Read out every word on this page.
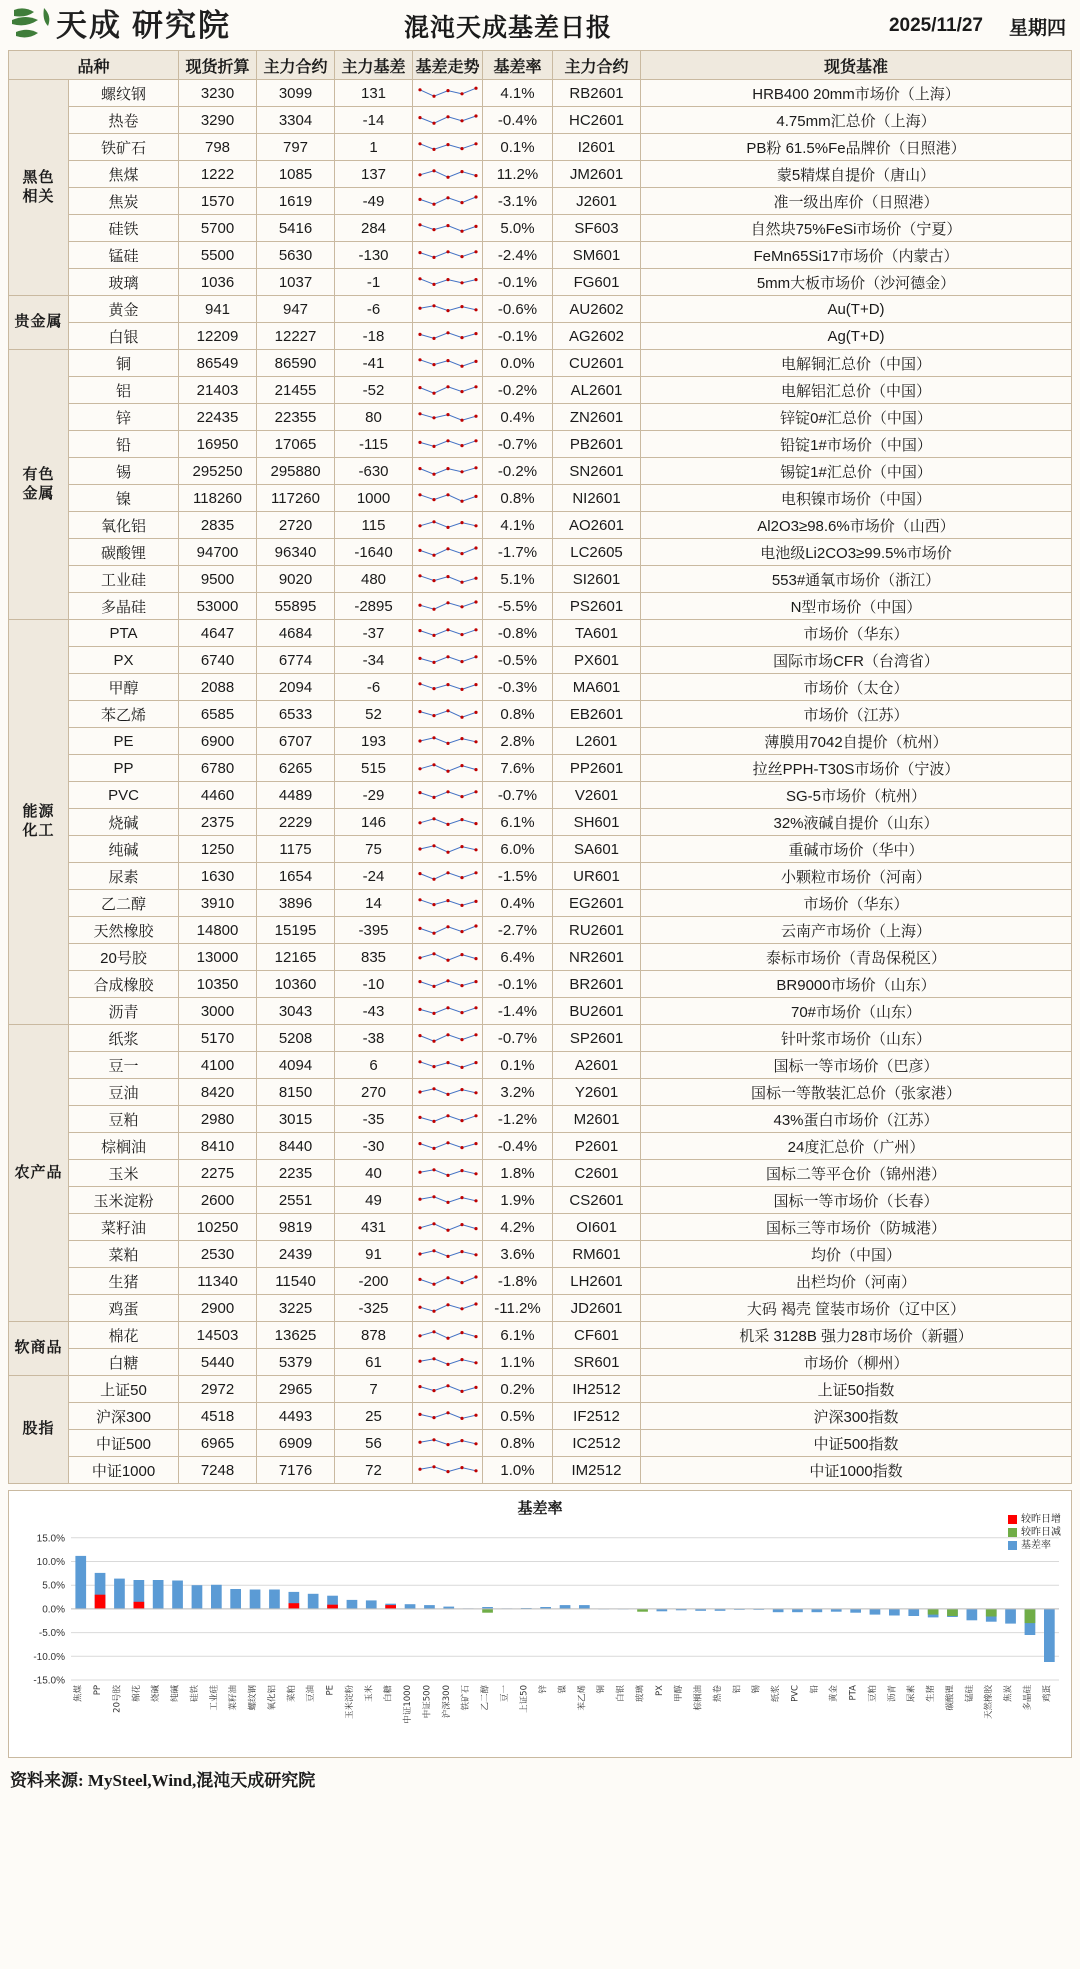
天成 研究院	混沌天成基差日报	2025/11/27 星期四
品种		现货折算	主力合约	主力基差	基差走势	基差率	主力合约	现货基准

黑色
相关	螺纹钢	3230	3099	131		4.1%	RB2601	HRB400 20mm市场价（上海）
	热卷	3290	3304	-14		-0.4%	HC2601	4.75mm汇总价（上海）
	铁矿石	798	797	1		0.1%	I2601	PB粉 61.5%Fe品牌价（日照港）
	焦煤	1222	1085	137		11.2%	JM2601	蒙5精煤自提价（唐山）
	焦炭	1570	1619	-49		-3.1%	J2601	准一级出库价（日照港）
	硅铁	5700	5416	284		5.0%	SF603	自然块75%FeSi市场价（宁夏）
	锰硅	5500	5630	-130		-2.4%	SM601	FeMn65Si17市场价（内蒙古）
	玻璃	1036	1037	-1		-0.1%	FG601	5mm大板市场价（沙河德金）

贵金属	黄金	941	947	-6		-0.6%	AU2602	Au(T+D)
	白银	12209	12227	-18		-0.1%	AG2602	Ag(T+D)

有色
金属	铜	86549	86590	-41		0.0%	CU2601	电解铜汇总价（中国）
	铝	21403	21455	-52		-0.2%	AL2601	电解铝汇总价（中国）
	锌	22435	22355	80		0.4%	ZN2601	锌锭0#汇总价（中国）
	铅	16950	17065	-115		-0.7%	PB2601	铅锭1#市场价（中国）
	锡	295250	295880	-630		-0.2%	SN2601	锡锭1#汇总价（中国）
	镍	118260	117260	1000		0.8%	NI2601	电积镍市场价（中国）
	氧化铝	2835	2720	115		4.1%	AO2601	Al2O3≥98.6%市场价（山西）
	碳酸锂	94700	96340	-1640		-1.7%	LC2605	电池级Li2CO3≥99.5%市场价
	工业硅	9500	9020	480		5.1%	SI2601	553#通氧市场价（浙江）
	多晶硅	53000	55895	-2895		-5.5%	PS2601	N型市场价（中国）

能源
化工	PTA	4647	4684	-37		-0.8%	TA601	市场价（华东）
	PX	6740	6774	-34		-0.5%	PX601	国际市场CFR（台湾省）
	甲醇	2088	2094	-6		-0.3%	MA601	市场价（太仓）
	苯乙烯	6585	6533	52		0.8%	EB2601	市场价（江苏）
	PE	6900	6707	193		2.8%	L2601	薄膜用7042自提价（杭州）
	PP	6780	6265	515		7.6%	PP2601	拉丝PPH-T30S市场价（宁波）
	PVC	4460	4489	-29		-0.7%	V2601	SG-5市场价（杭州）
	烧碱	2375	2229	146		6.1%	SH601	32%液碱自提价（山东）
	纯碱	1250	1175	75		6.0%	SA601	重碱市场价（华中）
	尿素	1630	1654	-24		-1.5%	UR601	小颗粒市场价（河南）
	乙二醇	3910	3896	14		0.4%	EG2601	市场价（华东）
	天然橡胶	14800	15195	-395		-2.7%	RU2601	云南产市场价（上海）
	20号胶	13000	12165	835		6.4%	NR2601	泰标市场价（青岛保税区）
	合成橡胶	10350	10360	-10		-0.1%	BR2601	BR9000市场价（山东）
	沥青	3000	3043	-43		-1.4%	BU2601	70#市场价（山东）

农产品	纸浆	5170	5208	-38		-0.7%	SP2601	针叶浆市场价（山东）
	豆一	4100	4094	6		0.1%	A2601	国标一等市场价（巴彦）
	豆油	8420	8150	270		3.2%	Y2601	国标一等散装汇总价（张家港）
	豆粕	2980	3015	-35		-1.2%	M2601	43%蛋白市场价（江苏）
	棕榈油	8410	8440	-30		-0.4%	P2601	24度汇总价（广州）
	玉米	2275	2235	40		1.8%	C2601	国标二等平仓价（锦州港）
	玉米淀粉	2600	2551	49		1.9%	CS2601	国标一等市场价（长春）
	菜籽油	10250	9819	431		4.2%	OI601	国标三等市场价（防城港）
	菜粕	2530	2439	91		3.6%	RM601	均价（中国）
	生猪	11340	11540	-200		-1.8%	LH2601	出栏均价（河南）
	鸡蛋	2900	3225	-325		-11.2%	JD2601	大码 褐壳 筐装市场价（辽中区）

软商品	棉花	14503	13625	878		6.1%	CF601	机采 3128B 强力28市场价（新疆）
	白糖	5440	5379	61		1.1%	SR601	市场价（柳州）

股指	上证50	2972	2965	7		0.2%	IH2512	上证50指数
	沪深300	4518	4493	25		0.5%	IF2512	沪深300指数
	中证500	6965	6909	56		0.8%	IC2512	中证500指数
	中证1000	7248	7176	72		1.0%	IM2512	中证1000指数
基差率
较昨日增
较昨日减
基差率
15.0%
10.0%
5.0%
0.0%
-5.0%
-10.0%
-15.0%
焦煤 PP 20号胶 棉花 烧碱 纯碱 硅铁 工业硅 菜籽油 螺纹钢 氧化铝 菜粕 豆油 PE 玉米淀粉 玉米 白糖 中证1000 中证500 沪深300 铁矿石 乙二醇 豆一 上证50 锌 镍 苯乙烯 铜 白银 玻璃 PX 甲醇 棕榈油 热卷 铝 锡 纸浆 PVC 铅 黄金 PTA 豆粕 沥青 尿素 生猪 碳酸锂 锰硅 天然橡胶 焦炭 多晶硅 鸡蛋
资料来源: MySteel,Wind,混沌天成研究院
